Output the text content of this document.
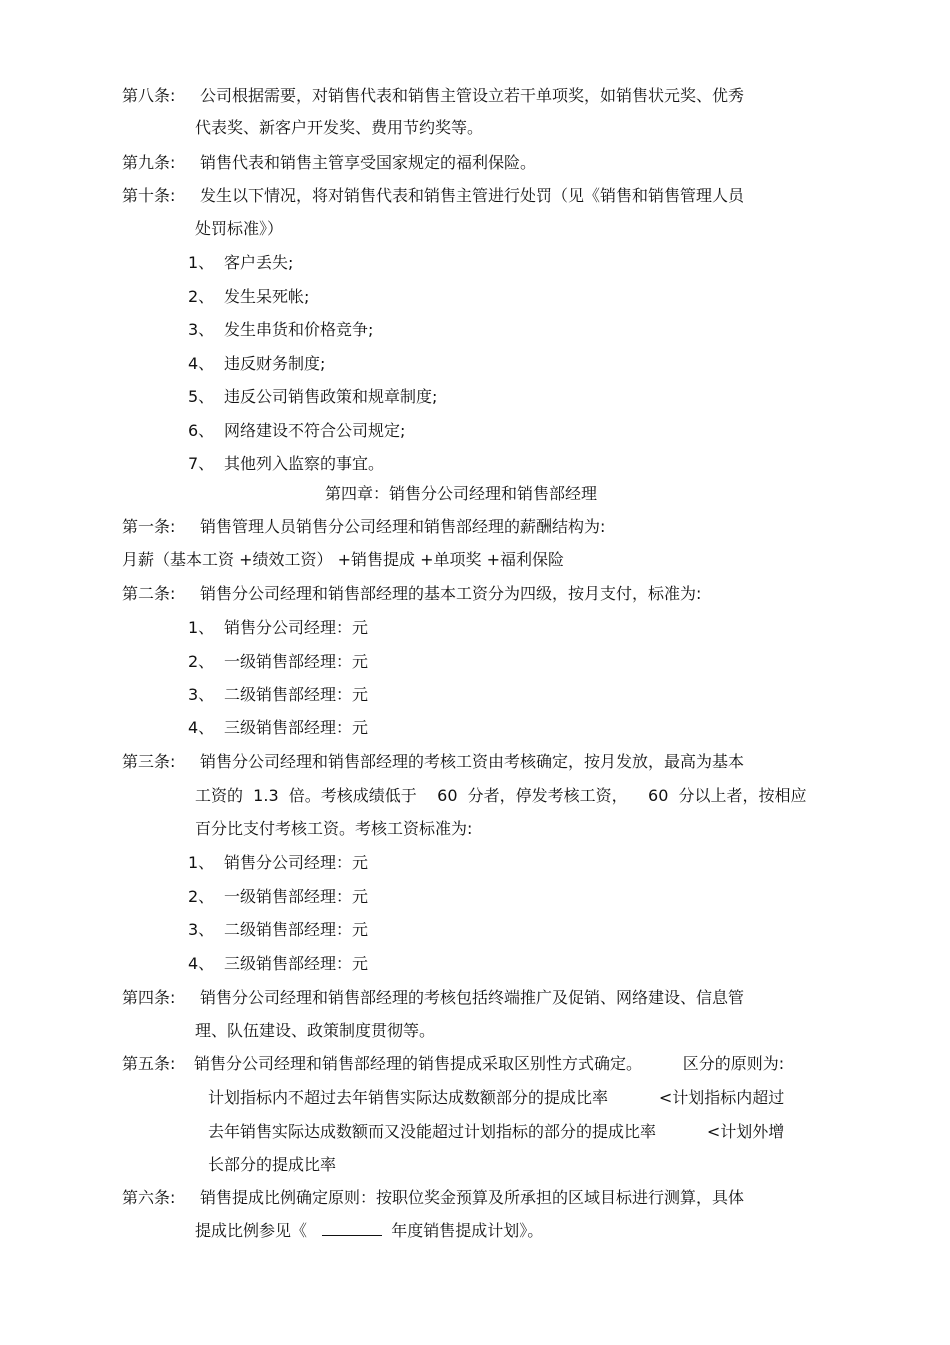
第八条: 公司根据需要，对销售代表和销售主管设立若干单项奖，如销售状元奖、优秀
代表奖、新客户开发奖、费用节约奖等。
第九条: 销售代表和销售主管享受国家规定的福利保险。
第十条: 发生以下情况，将对销售代表和销售主管进行处罚（见《销售和销售管理人员
处罚标准》）
1、 客户丢失;
2、 发生呆死帐;
3、 发生串货和价格竞争;
4、 违反财务制度;
5、 违反公司销售政策和规章制度;
6、 网络建设不符合公司规定;
7、 其他列入监察的事宜。
第四章：销售分公司经理和销售部经理
第一条: 销售管理人员销售分公司经理和销售部经理的薪酬结构为:
月薪（基本工资 +绩效工资） +销售提成 +单项奖 +福利保险
第二条: 销售分公司经理和销售部经理的基本工资分为四级，按月支付，标准为:
1、 销售分公司经理：元
2、 一级销售部经理：元
3、 二级销售部经理：元
4、 三级销售部经理：元
第三条: 销售分公司经理和销售部经理的考核工资由考核确定，按月发放，最高为基本
工资的  1.3  倍。考核成绩低于    60  分者，停发考核工资，    60  分以上者，按相应
百分比支付考核工资。考核工资标准为:
1、 销售分公司经理：元
2、 一级销售部经理：元
3、 二级销售部经理：元
4、 三级销售部经理：元
第四条: 销售分公司经理和销售部经理的考核包括终端推广及促销、网络建设、信息管
理、队伍建设、政策制度贯彻等。
第五条: 销售分公司经理和销售部经理的销售提成采取区别性方式确定。        区分的原则为:
计划指标内不超过去年销售实际达成数额部分的提成比率          <计划指标内超过
去年销售实际达成数额而又没能超过计划指标的部分的提成比率          <计划外增
长部分的提成比率
第六条: 销售提成比例确定原则：按职位奖金预算及所承担的区域目标进行测算，具体
提成比例参见《	年度销售提成计划》。
